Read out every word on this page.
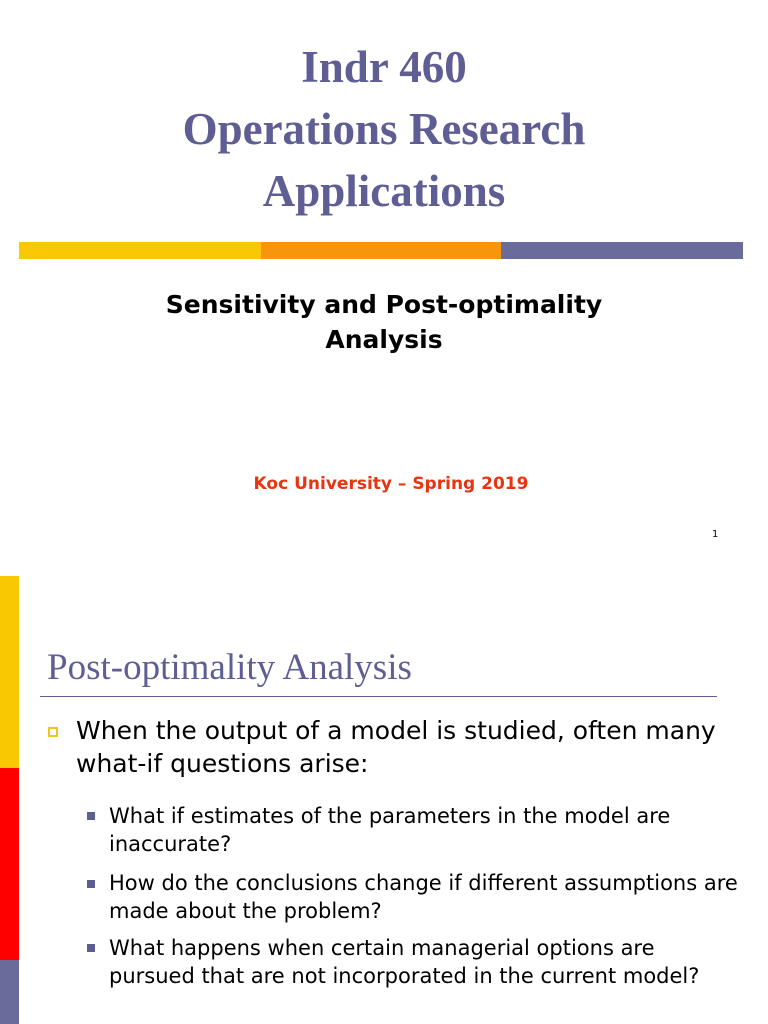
Indr 460
Operations Research
Applications
Sensitivity and Post-optimality
Analysis
Koc University – Spring 2019
1
Post-optimality Analysis
When the output of a model is studied, often many what-if questions arise:
What if estimates of the parameters in the model are inaccurate?
How do the conclusions change if different assumptions are made about the problem?
What happens when certain managerial options are pursued that are not incorporated in the current model?
